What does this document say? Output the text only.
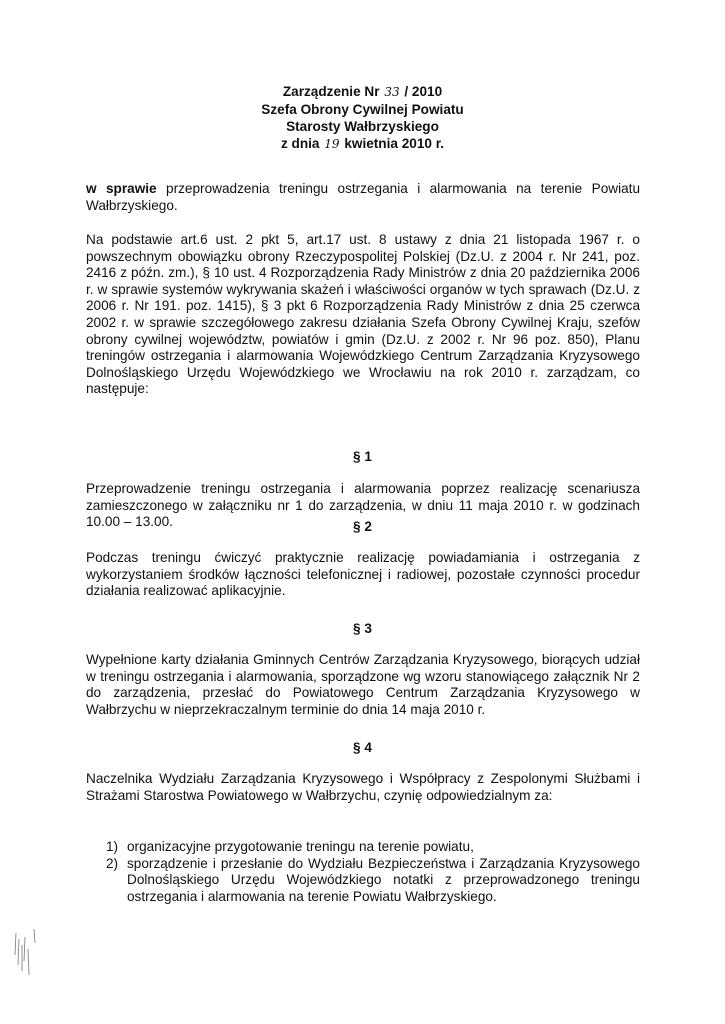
Zarządzenie Nr 33 / 2010
Szefa Obrony Cywilnej Powiatu
Starosty Wałbrzyskiego
z dnia 19 kwietnia 2010 r.
w sprawie przeprowadzenia treningu ostrzegania i alarmowania na terenie Powiatu Wałbrzyskiego.
Na podstawie art.6 ust. 2 pkt 5, art.17 ust. 8 ustawy z dnia 21 listopada 1967 r. o powszechnym obowiązku obrony Rzeczypospolitej Polskiej (Dz.U. z 2004 r. Nr 241, poz. 2416 z późn. zm.), § 10 ust. 4 Rozporządzenia Rady Ministrów z dnia 20 października 2006 r. w sprawie systemów wykrywania skażeń i właściwości organów w tych sprawach (Dz.U. z 2006 r. Nr 191. poz. 1415), § 3 pkt 6 Rozporządzenia Rady Ministrów z dnia 25 czerwca 2002 r. w sprawie szczegółowego zakresu działania Szefa Obrony Cywilnej Kraju, szefów obrony cywilnej województw, powiatów i gmin (Dz.U. z 2002 r. Nr 96 poz. 850), Planu treningów ostrzegania i alarmowania Wojewódzkiego Centrum Zarządzania Kryzysowego Dolnośląskiego Urzędu Wojewódzkiego we Wrocławiu na rok 2010 r. zarządzam, co następuje:
§ 1
Przeprowadzenie treningu ostrzegania i alarmowania poprzez realizację scenariusza zamieszczonego w załączniku nr 1 do zarządzenia, w dniu 11 maja 2010 r. w godzinach 10.00 – 13.00.	§ 2
Podczas treningu ćwiczyć praktycznie realizację powiadamiania i ostrzegania z wykorzystaniem środków łączności telefonicznej i radiowej, pozostałe czynności procedur działania realizować aplikacyjnie.
§ 3
Wypełnione karty działania Gminnych Centrów Zarządzania Kryzysowego, biorących udział w treningu ostrzegania i alarmowania, sporządzone wg wzoru stanowiącego załącznik Nr 2 do zarządzenia, przesłać do Powiatowego Centrum Zarządzania Kryzysowego w Wałbrzychu w nieprzekraczalnym terminie do dnia 14 maja 2010 r.
§ 4
Naczelnika Wydziału Zarządzania Kryzysowego i Współpracy z Zespolonymi Służbami i Strażami Starostwa Powiatowego w Wałbrzychu, czynię odpowiedzialnym za:
1) organizacyjne przygotowanie treningu na terenie powiatu,
2) sporządzenie i przesłanie do Wydziału Bezpieczeństwa i Zarządzania Kryzysowego Dolnośląskiego Urzędu Wojewódzkiego notatki z przeprowadzonego treningu ostrzegania i alarmowania na terenie Powiatu Wałbrzyskiego.
